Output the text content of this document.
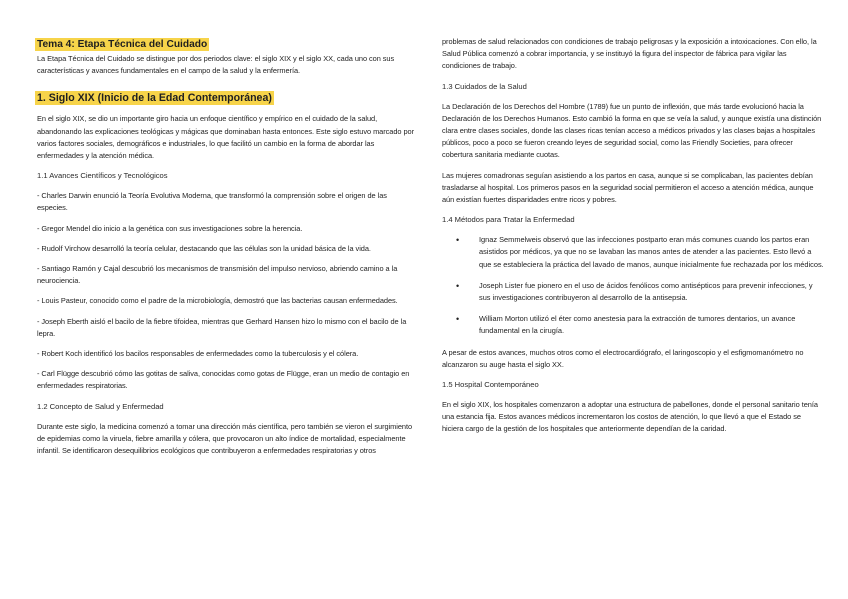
Tema 4: Etapa Técnica del Cuidado

La Etapa Técnica del Cuidado se distingue por dos periodos clave: el siglo XIX y el siglo XX, cada uno con sus características y avances fundamentales en el campo de la salud y la enfermería.

1. Siglo XIX (Inicio de la Edad Contemporánea)

En el siglo XIX, se dio un importante giro hacia un enfoque científico y empírico en el cuidado de la salud, abandonando las explicaciones teológicas y mágicas que dominaban hasta entonces. Este siglo estuvo marcado por varios factores sociales, demográficos e industriales, lo que facilitó un cambio en la forma de abordar las enfermedades y la atención médica.

1.1 Avances Científicos y Tecnológicos

- Charles Darwin enunció la Teoría Evolutiva Moderna, que transformó la comprensión sobre el origen de las especies.

- Gregor Mendel dio inicio a la genética con sus investigaciones sobre la herencia.

- Rudolf Virchow desarrolló la teoría celular, destacando que las células son la unidad básica de la vida.

- Santiago Ramón y Cajal descubrió los mecanismos de transmisión del impulso nervioso, abriendo camino a la neurociencia.

- Louis Pasteur, conocido como el padre de la microbiología, demostró que las bacterias causan enfermedades.

- Joseph Eberth aisló el bacilo de la fiebre tifoidea, mientras que Gerhard Hansen hizo lo mismo con el bacilo de la lepra.

- Robert Koch identificó los bacilos responsables de enfermedades como la tuberculosis y el cólera.

- Carl Flügge descubrió cómo las gotitas de saliva, conocidas como gotas de Flügge, eran un medio de contagio en enfermedades respiratorias.

1.2 Concepto de Salud y Enfermedad

Durante este siglo, la medicina comenzó a tomar una dirección más científica, pero también se vieron el surgimiento de epidemias como la viruela, fiebre amarilla y cólera, que provocaron un alto índice de mortalidad, especialmente infantil. Se identificaron desequilibrios ecológicos que contribuyeron a enfermedades respiratorias y otros

problemas de salud relacionados con condiciones de trabajo peligrosas y la exposición a intoxicaciones. Con ello, la Salud Pública comenzó a cobrar importancia, y se instituyó la figura del inspector de fábrica para vigilar las condiciones de trabajo.

1.3 Cuidados de la Salud

La Declaración de los Derechos del Hombre (1789) fue un punto de inflexión, que más tarde evolucionó hacia la Declaración de los Derechos Humanos. Esto cambió la forma en que se veía la salud, y aunque existía una distinción clara entre clases sociales, donde las clases ricas tenían acceso a médicos privados y las clases bajas a hospitales públicos, poco a poco se fueron creando leyes de seguridad social, como las Friendly Societies, para ofrecer cobertura sanitaria mediante cuotas.

Las mujeres comadronas seguían asistiendo a los partos en casa, aunque si se complicaban, las pacientes debían trasladarse al hospital. Los primeros pasos en la seguridad social permitieron el acceso a atención médica, aunque aún existían fuertes disparidades entre ricos y pobres.

1.4 Métodos para Tratar la Enfermedad
•	Ignaz Semmelweis observó que las infecciones postparto eran más comunes cuando los partos eran asistidos por médicos, ya que no se lavaban las manos antes de atender a las pacientes. Esto llevó a que se estableciera la práctica del lavado de manos, aunque inicialmente fue rechazada por los médicos.
•	Joseph Lister fue pionero en el uso de ácidos fenólicos como antisépticos para prevenir infecciones, y sus investigaciones contribuyeron al desarrollo de la antisepsia.
•	William Morton utilizó el éter como anestesia para la extracción de tumores dentarios, un avance fundamental en la cirugía.

A pesar de estos avances, muchos otros como el electrocardiógrafo, el laringoscopio y el esfigmomanómetro no alcanzaron su auge hasta el siglo XX.

1.5 Hospital Contemporáneo

En el siglo XIX, los hospitales comenzaron a adoptar una estructura de pabellones, donde el personal sanitario tenía una estancia fija. Estos avances médicos incrementaron los costos de atención, lo que llevó a que el Estado se hiciera cargo de la gestión de los hospitales que anteriormente dependían de la caridad.
